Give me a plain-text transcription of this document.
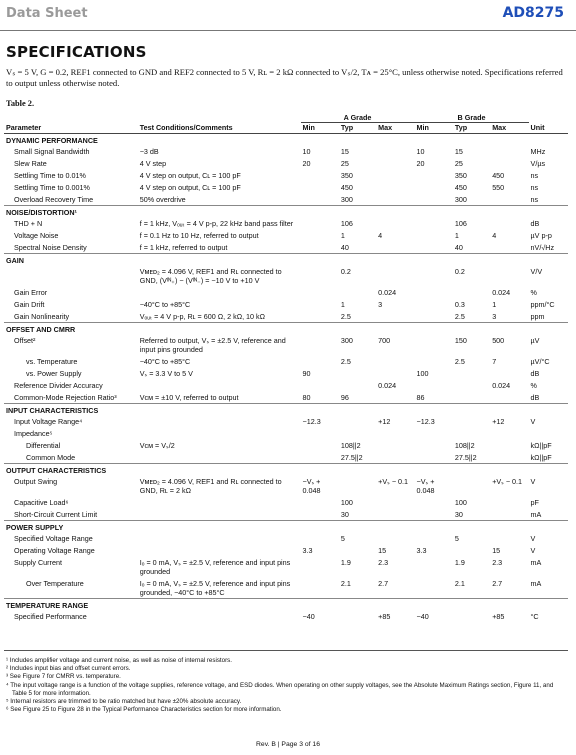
Data Sheet	AD8275
SPECIFICATIONS
Vₛ = 5 V, G = 0.2, REF1 connected to GND and REF2 connected to 5 V, Rʟ = 2 kΩ connected to Vₛ/2, Tᴀ = 25°C, unless otherwise noted. Specifications referred to output unless otherwise noted.
Table 2.
		A Grade			B Grade			
Parameter	Test Conditions/Comments	Min	Typ	Max	Min	Typ	Max	Unit
DYNAMIC PERFORMANCE								
Small Signal Bandwidth	−3 dB	10	15		10	15		MHz
Slew Rate	4 V step	20	25		20	25		V/µs
Settling Time to 0.01%	4 V step on output, Cʟ = 100 pF		350			350	450	ns
Settling Time to 0.001%	4 V step on output, Cʟ = 100 pF		450			450	550	ns
Overload Recovery Time	50% overdrive		300			300		ns
NOISE/DISTORTION¹								
THD + N	f = 1 kHz, Vₒᵤₜ = 4 V p-p, 22 kHz band pass filter		106			106		dB
Voltage Noise	f = 0.1 Hz to 10 Hz, referred to output		1	4		1	4	µV p-p
Spectral Noise Density	f = 1 kHz, referred to output		40			40		nV/√Hz
GAIN								
	Vᴍᴇᴅ₂ = 4.096 V, REF1 and Rʟ connected to GND, (Vᴵᴺ₊) − (Vᴵᴺ₋) = −10 V to +10 V		0.2			0.2		V/V
Gain Error				0.024			0.024	%
Gain Drift	−40°C to +85°C		1	3		0.3	1	ppm/°C
Gain Nonlinearity	Vₒᵤₜ = 4 V p-p, Rʟ = 600 Ω, 2 kΩ, 10 kΩ		2.5			2.5	3	ppm
OFFSET AND CMRR								
Offset²	Referred to output, Vₛ = ±2.5 V, reference and input pins grounded		300	700		150	500	µV
vs. Temperature	−40°C to +85°C		2.5			2.5	7	µV/°C
vs. Power Supply	Vₛ = 3.3 V to 5 V	90			100			dB
Reference Divider Accuracy				0.024			0.024	%
Common-Mode Rejection Ratio³	Vᴄᴍ = ±10 V, referred to output	80	96		86			dB
INPUT CHARACTERISTICS								
Input Voltage Range⁴		−12.3		+12	−12.3		+12	V
Impedance⁵								
Differential	Vᴄᴍ = Vₛ/2		108||2			108||2		kΩ||pF
Common Mode			27.5||2			27.5||2		kΩ||pF
OUTPUT CHARACTERISTICS								
Output Swing	Vᴍᴇᴅ₂ = 4.096 V, REF1 and Rʟ connected to GND, Rʟ = 2 kΩ	−Vₛ + 0.048		+Vₛ − 0.1	−Vₛ + 0.048		+Vₛ − 0.1	V
Capacitive Load⁶			100			100		pF
Short-Circuit Current Limit			30			30		mA
POWER SUPPLY								
Specified Voltage Range			5			5		V
Operating Voltage Range		3.3		15	3.3		15	V
Supply Current	Iₒ = 0 mA, Vₛ = ±2.5 V, reference and input pins grounded		1.9	2.3		1.9	2.3	mA
Over Temperature	Iₒ = 0 mA, Vₛ = ±2.5 V, reference and input pins grounded, −40°C to +85°C		2.1	2.7		2.1	2.7	mA
TEMPERATURE RANGE								
Specified Performance		−40		+85	−40		+85	°C
¹ Includes amplifier voltage and current noise, as well as noise of internal resistors.
² Includes input bias and offset current errors.
³ See Figure 7 for CMRR vs. temperature.
⁴ The input voltage range is a function of the voltage supplies, reference voltage, and ESD diodes. When operating on other supply voltages, see the Absolute Maximum Ratings section, Figure 11, and Table 5 for more information.
⁵ Internal resistors are trimmed to be ratio matched but have ±20% absolute accuracy.
⁶ See Figure 25 to Figure 28 in the Typical Performance Characteristics section for more information.
Rev. B | Page 3 of 16
